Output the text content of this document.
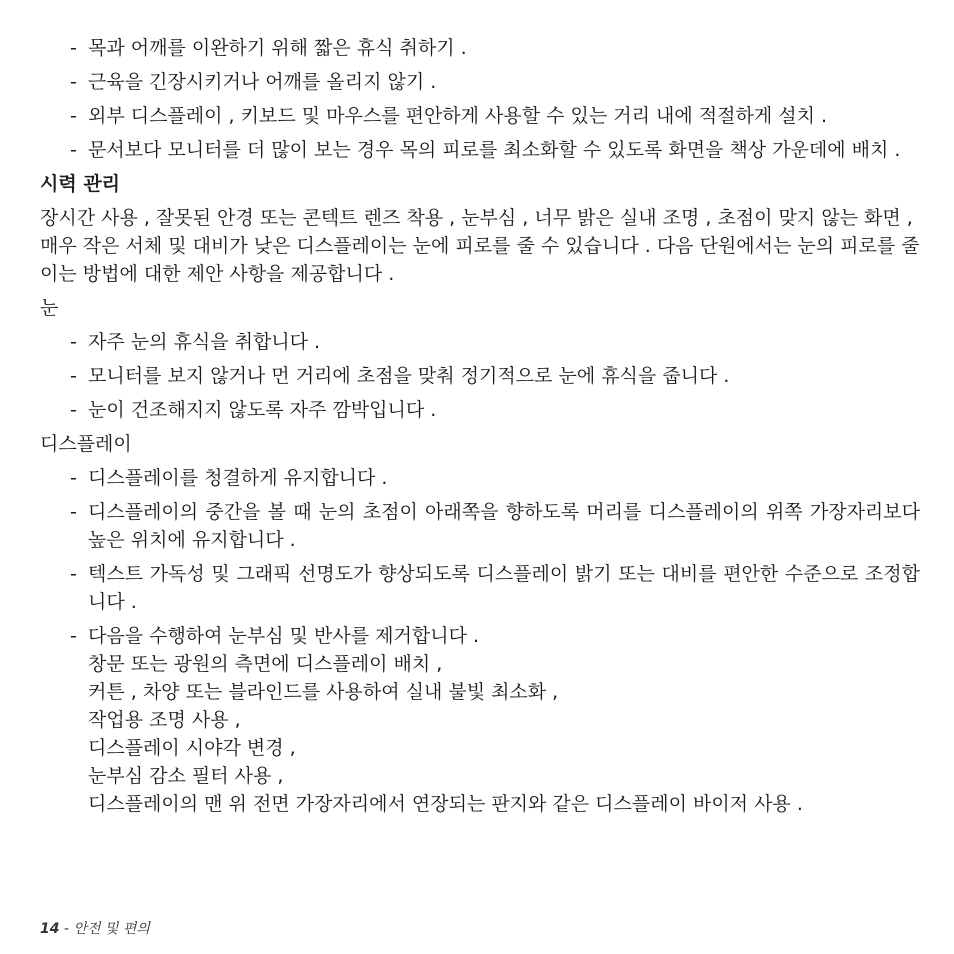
- 목과 어깨를 이완하기 위해 짧은 휴식 취하기 .
- 근육을 긴장시키거나 어깨를 올리지 않기 .
- 외부 디스플레이 , 키보드 및 마우스를 편안하게 사용할 수 있는 거리 내에 적절하게 설치 .
- 문서보다 모니터를 더 많이 보는 경우 목의 피로를 최소화할 수 있도록 화면을 책상 가운데에 배치 .
시력 관리
장시간 사용 , 잘못된 안경 또는 콘텍트 렌즈 착용 , 눈부심 , 너무 밝은 실내 조명 , 초점이 맞지 않는 화면 , 매우 작은 서체 및 대비가 낮은 디스플레이는 눈에 피로를 줄 수 있습니다 . 다음 단원에서는 눈의 피로를 줄이는 방법에 대한 제안 사항을 제공합니다 .
눈
- 자주 눈의 휴식을 취합니다 .
- 모니터를 보지 않거나 먼 거리에 초점을 맞춰 정기적으로 눈에 휴식을 줍니다 .
- 눈이 건조해지지 않도록 자주 깜박입니다 .
디스플레이
- 디스플레이를 청결하게 유지합니다 .
- 디스플레이의 중간을 볼 때 눈의 초점이 아래쪽을 향하도록 머리를 디스플레이의 위쪽 가장자리보다 높은 위치에 유지합니다 .
- 텍스트 가독성 및 그래픽 선명도가 향상되도록 디스플레이 밝기 또는 대비를 편안한 수준으로 조정합니다 .
- 다음을 수행하여 눈부심 및 반사를 제거합니다 .
창문 또는 광원의 측면에 디스플레이 배치 ,
커튼 , 차양 또는 블라인드를 사용하여 실내 불빛 최소화 ,
작업용 조명 사용 ,
디스플레이 시야각 변경 ,
눈부심 감소 필터 사용 ,
디스플레이의 맨 위 전면 가장자리에서 연장되는 판지와 같은 디스플레이 바이저 사용 .
14 - 안전 및 편의
